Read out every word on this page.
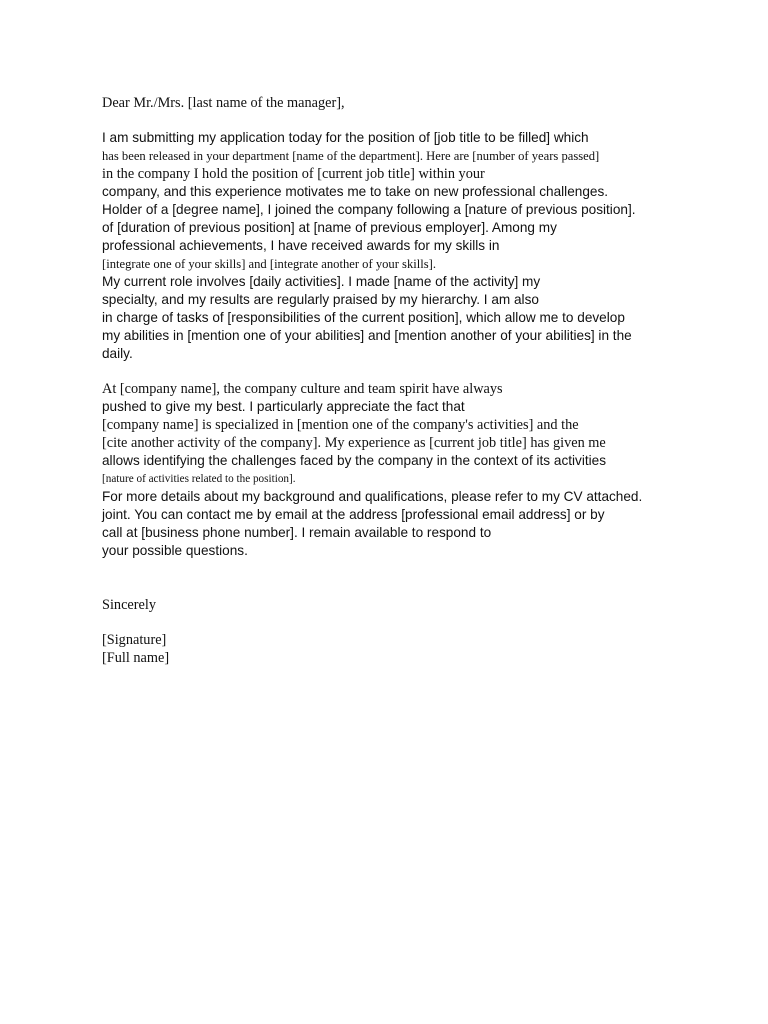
Dear Mr./Mrs. [last name of the manager],
I am submitting my application today for the position of [job title to be filled] which
has been released in your department [name of the department]. Here are [number of years passed]
in the company I hold the position of [current job title] within your
company, and this experience motivates me to take on new professional challenges.
Holder of a [degree name], I joined the company following a [nature of previous position].
of [duration of previous position] at [name of previous employer]. Among my
professional achievements, I have received awards for my skills in
[integrate one of your skills] and [integrate another of your skills].
My current role involves [daily activities]. I made [name of the activity] my
specialty, and my results are regularly praised by my hierarchy. I am also
in charge of tasks of [responsibilities of the current position], which allow me to develop
my abilities in [mention one of your abilities] and [mention another of your abilities] in the
daily.
At [company name], the company culture and team spirit have always
pushed to give my best. I particularly appreciate the fact that
[company name] is specialized in [mention one of the company's activities] and the
[cite another activity of the company]. My experience as [current job title] has given me
allows identifying the challenges faced by the company in the context of its activities
[nature of activities related to the position].
For more details about my background and qualifications, please refer to my CV attached.
joint. You can contact me by email at the address [professional email address] or by
call at [business phone number]. I remain available to respond to
your possible questions.
Sincerely
[Signature]
[Full name]
